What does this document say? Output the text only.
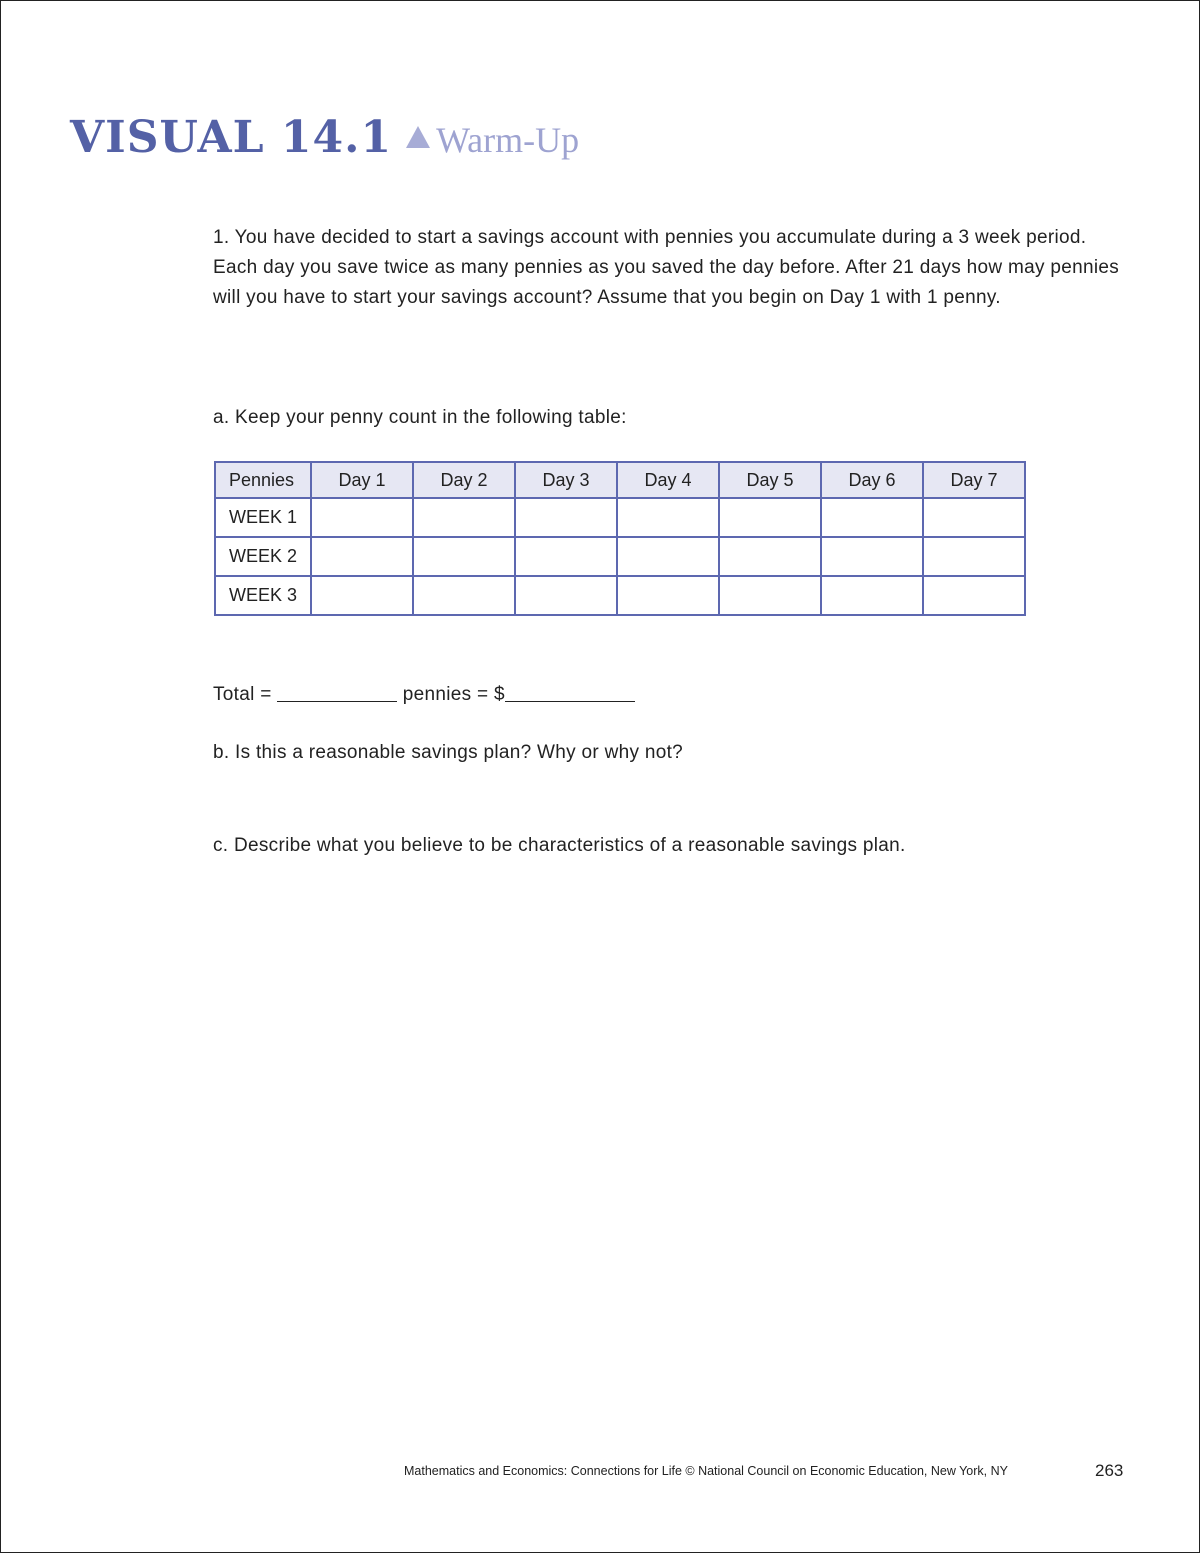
VISUAL 14.1 Warm-Up
1. You have decided to start a savings account with pennies you accumulate during a 3 week period. Each day you save twice as many pennies as you saved the day before. After 21 days how may pennies will you have to start your savings account? Assume that you begin on Day 1 with 1 penny.
a. Keep your penny count in the following table:
Pennies	Day 1	Day 2	Day 3	Day 4	Day 5	Day 6	Day 7
WEEK 1							
WEEK 2							
WEEK 3							
Total =	pennies = $
b. Is this a reasonable savings plan? Why or why not?
c. Describe what you believe to be characteristics of a reasonable savings plan.
Mathematics and Economics: Connections for Life © National Council on Economic Education, New York, NY	263
